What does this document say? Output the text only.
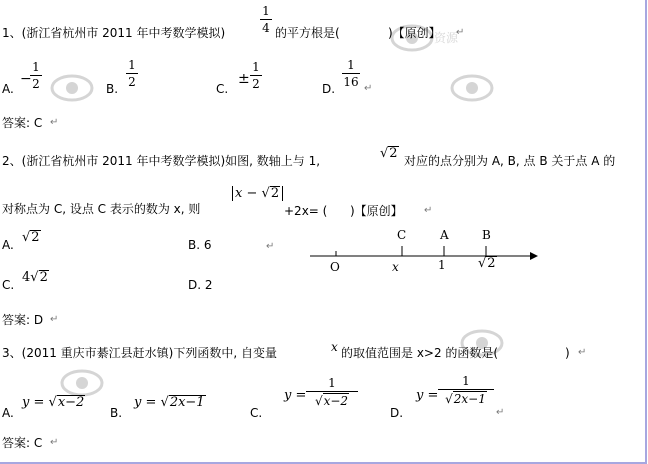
资源
1、(浙江省杭州市 2011 年中考数学模拟)
1
4 的平方根是(	)【原创】 ↵
A.
−
1
2	B.
1
2	C.
±
1
2	D.
1
16 ↵
答案: C ↵
2、(浙江省杭州市 2011 年中考数学模拟)如图, 数轴上与 1,	√2 对应的点分别为 A, B, 点 B 关于点 A 的
对称点为 C, 设点 C 表示的数为 x, 则
x − √2
+2x= ( )【原创】 ↵
A. √2	B. 6	↵
C. 4√2	D. 2
C	A	B
O	x	1 √2
答案: D ↵
3、(2011 重庆市綦江县赶水镇)下列函数中, 自变量	x 的取值范围是 x>2 的函数是(	) ↵
A.
y = √x−2
B.
y = √2x−1
C.
y =
1
√x−2
D.
y =
1
√2x−1
↵
答案: C ↵
